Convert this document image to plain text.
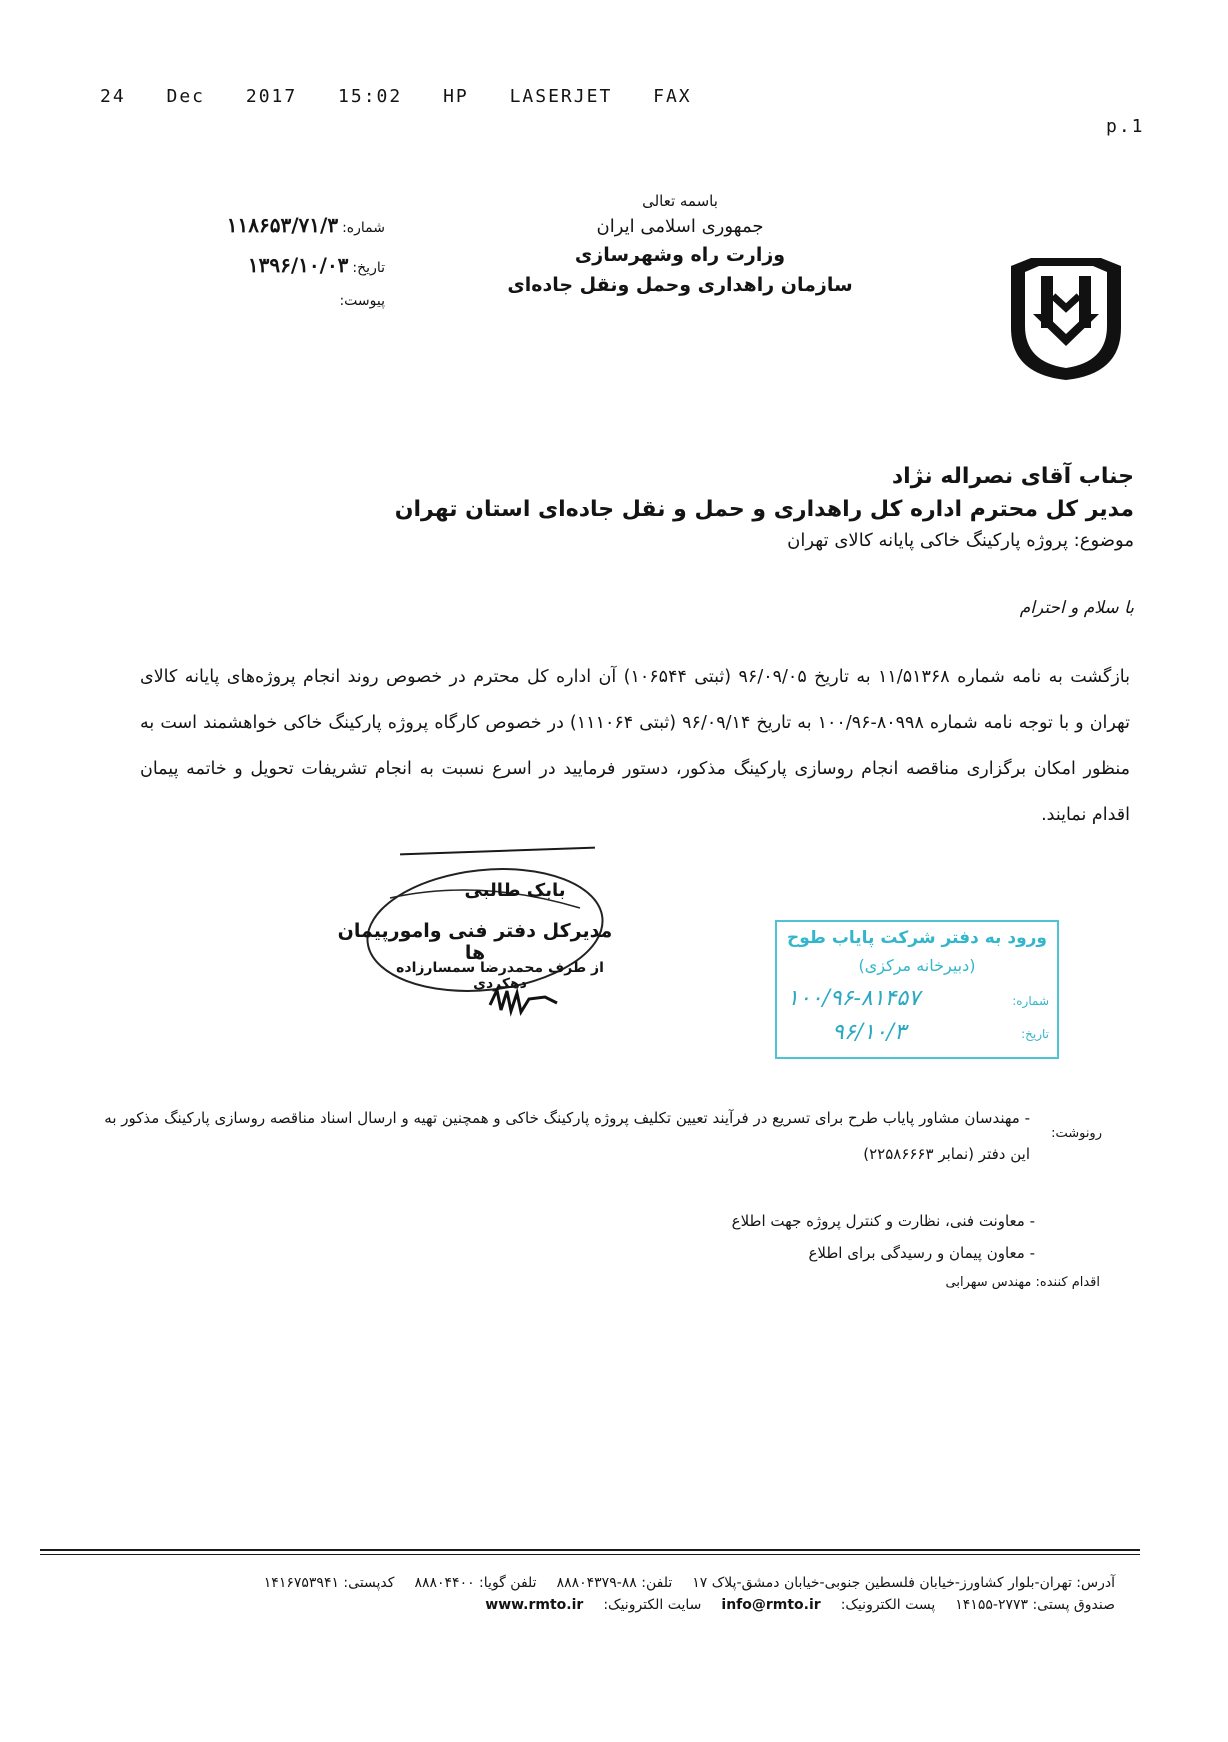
24 Dec 2017 15:02 HP LASERJET FAX
p.1
باسمه تعالی
جمهوری اسلامی ایران
وزارت راه وشهرسازی
سازمان راهداری وحمل ونقل جاده‌ای
شماره:
۱۱۸۶۵۳/۷۱/۳
تاریخ:
۱۳۹۶/۱۰/۰۳
پیوست:
جناب آقای نصراله نژاد
مدیر کل محترم اداره کل راهداری و حمل و نقل جاده‌ای استان تهران
موضوع: پروژه پارکینگ خاکی پایانه کالای تهران
با سلام و احترام

بازگشت به نامه شماره ۱۱/۵۱۳۶۸ به تاریخ ۹۶/۰۹/۰۵ (ثبتی ۱۰۶۵۴۴) آن اداره کل محترم در خصوص روند انجام پروژه‌های پایانه کالای تهران و با توجه نامه شماره ۸۰۹۹۸-۱۰۰/۹۶ به تاریخ ۹۶/۰۹/۱۴ (ثبتی ۱۱۱۰۶۴) در خصوص کارگاه پروژه پارکینگ خاکی خواهشمند است به منظور امکان برگزاری مناقصه انجام روسازی پارکینگ مذکور، دستور فرمایید در اسرع نسبت به انجام تشریفات تحویل و خاتمه پیمان اقدام نمایند.
بابک طالبی
مدیرکل دفتر فنی وامورپیمان ها
از طرف محمدرضا سمسارزاده دهکردی
ورود به دفتر شرکت پایاب طوح
(دبیرخانه مرکزی)
شماره:
۱۰۰/۹۶-۸۱۴۵۷
تاریخ:
۹۶/۱۰/۳
رونوشت:
- مهندسان مشاور پایاب طرح برای تسریع در فرآیند تعیین تکلیف پروژه پارکینگ خاکی و همچنین تهیه و ارسال اسناد مناقصه روسازی پارکینگ مذکور به این دفتر (نمابر ۲۲۵۸۶۶۶۳)
- معاونت فنی، نظارت و کنترل پروژه جهت اطلاع
- معاون پیمان و رسیدگی برای اطلاع
اقدام کننده: مهندس سهرابی
آدرس: تهران-بلوار کشاورز-خیابان فلسطین جنوبی-خیابان دمشق-پلاک ۱۷
تلفن: ۸۸-۸۸۸۰۴۳۷۹
تلفن گویا: ۸۸۸۰۴۴۰۰
کدپستی: ۱۴۱۶۷۵۳۹۴۱
صندوق پستی: ۲۷۷۳-۱۴۱۵۵
پست الکترونیک:
info@rmto.ir
سایت الکترونیک:
www.rmto.ir
